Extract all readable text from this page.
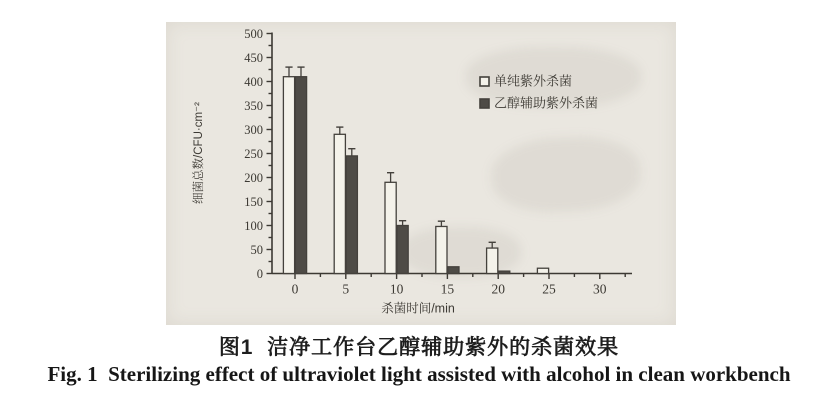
0
50
100
150
200
250
300
350
400
450
500
0	5	10	15	20	25	30
杀菌时间/min
细菌总数/CFU·cm⁻²
单纯紫外杀菌
乙醇辅助紫外杀菌
图1  洁净工作台乙醇辅助紫外的杀菌效果
Fig. 1  Sterilizing effect of ultraviolet light assisted with alcohol in clean workbench
